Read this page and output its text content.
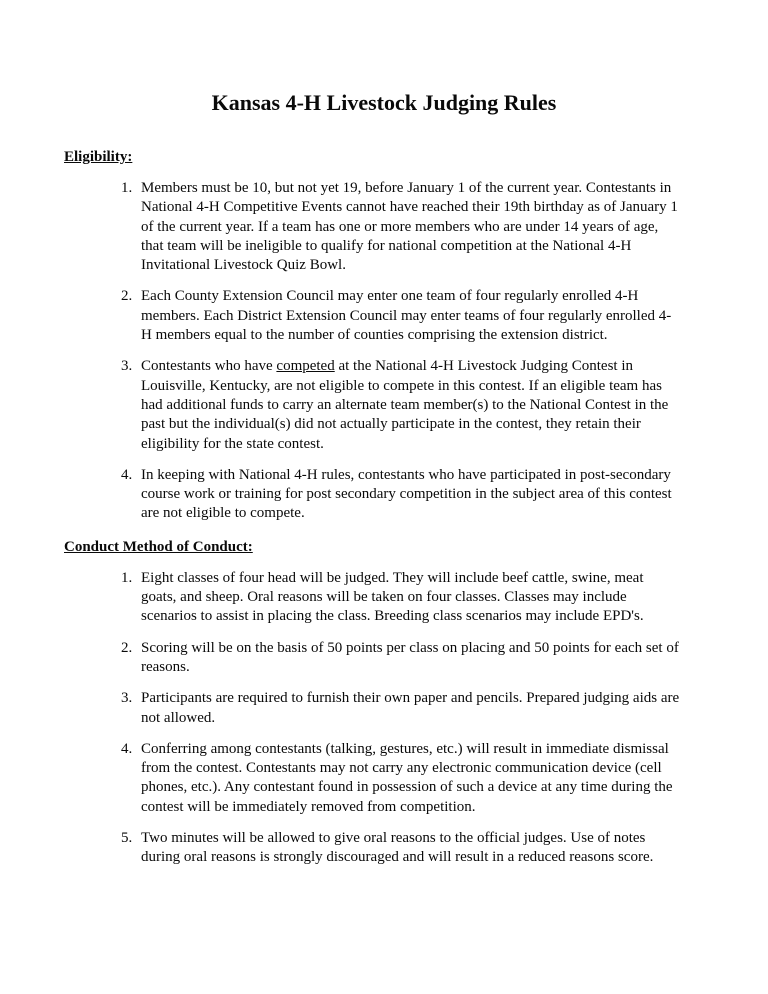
Kansas 4-H Livestock Judging Rules
Eligibility:
1. Members must be 10, but not yet 19, before January 1 of the current year. Contestants in National 4-H Competitive Events cannot have reached their 19th birthday as of January 1 of the current year. If a team has one or more members who are under 14 years of age, that team will be ineligible to qualify for national competition at the National 4-H Invitational Livestock Quiz Bowl.
2. Each County Extension Council may enter one team of four regularly enrolled 4-H members. Each District Extension Council may enter teams of four regularly enrolled 4-H members equal to the number of counties comprising the extension district.
3. Contestants who have competed at the National 4-H Livestock Judging Contest in Louisville, Kentucky, are not eligible to compete in this contest. If an eligible team has had additional funds to carry an alternate team member(s) to the National Contest in the past but the individual(s) did not actually participate in the contest, they retain their eligibility for the state contest.
4. In keeping with National 4-H rules, contestants who have participated in post-secondary course work or training for post secondary competition in the subject area of this contest are not eligible to compete.
Conduct Method of Conduct:
1. Eight classes of four head will be judged. They will include beef cattle, swine, meat goats, and sheep. Oral reasons will be taken on four classes. Classes may include scenarios to assist in placing the class. Breeding class scenarios may include EPD's.
2. Scoring will be on the basis of 50 points per class on placing and 50 points for each set of reasons.
3. Participants are required to furnish their own paper and pencils. Prepared judging aids are not allowed.
4. Conferring among contestants (talking, gestures, etc.) will result in immediate dismissal from the contest. Contestants may not carry any electronic communication device (cell phones, etc.). Any contestant found in possession of such a device at any time during the contest will be immediately removed from competition.
5. Two minutes will be allowed to give oral reasons to the official judges. Use of notes during oral reasons is strongly discouraged and will result in a reduced reasons score.
